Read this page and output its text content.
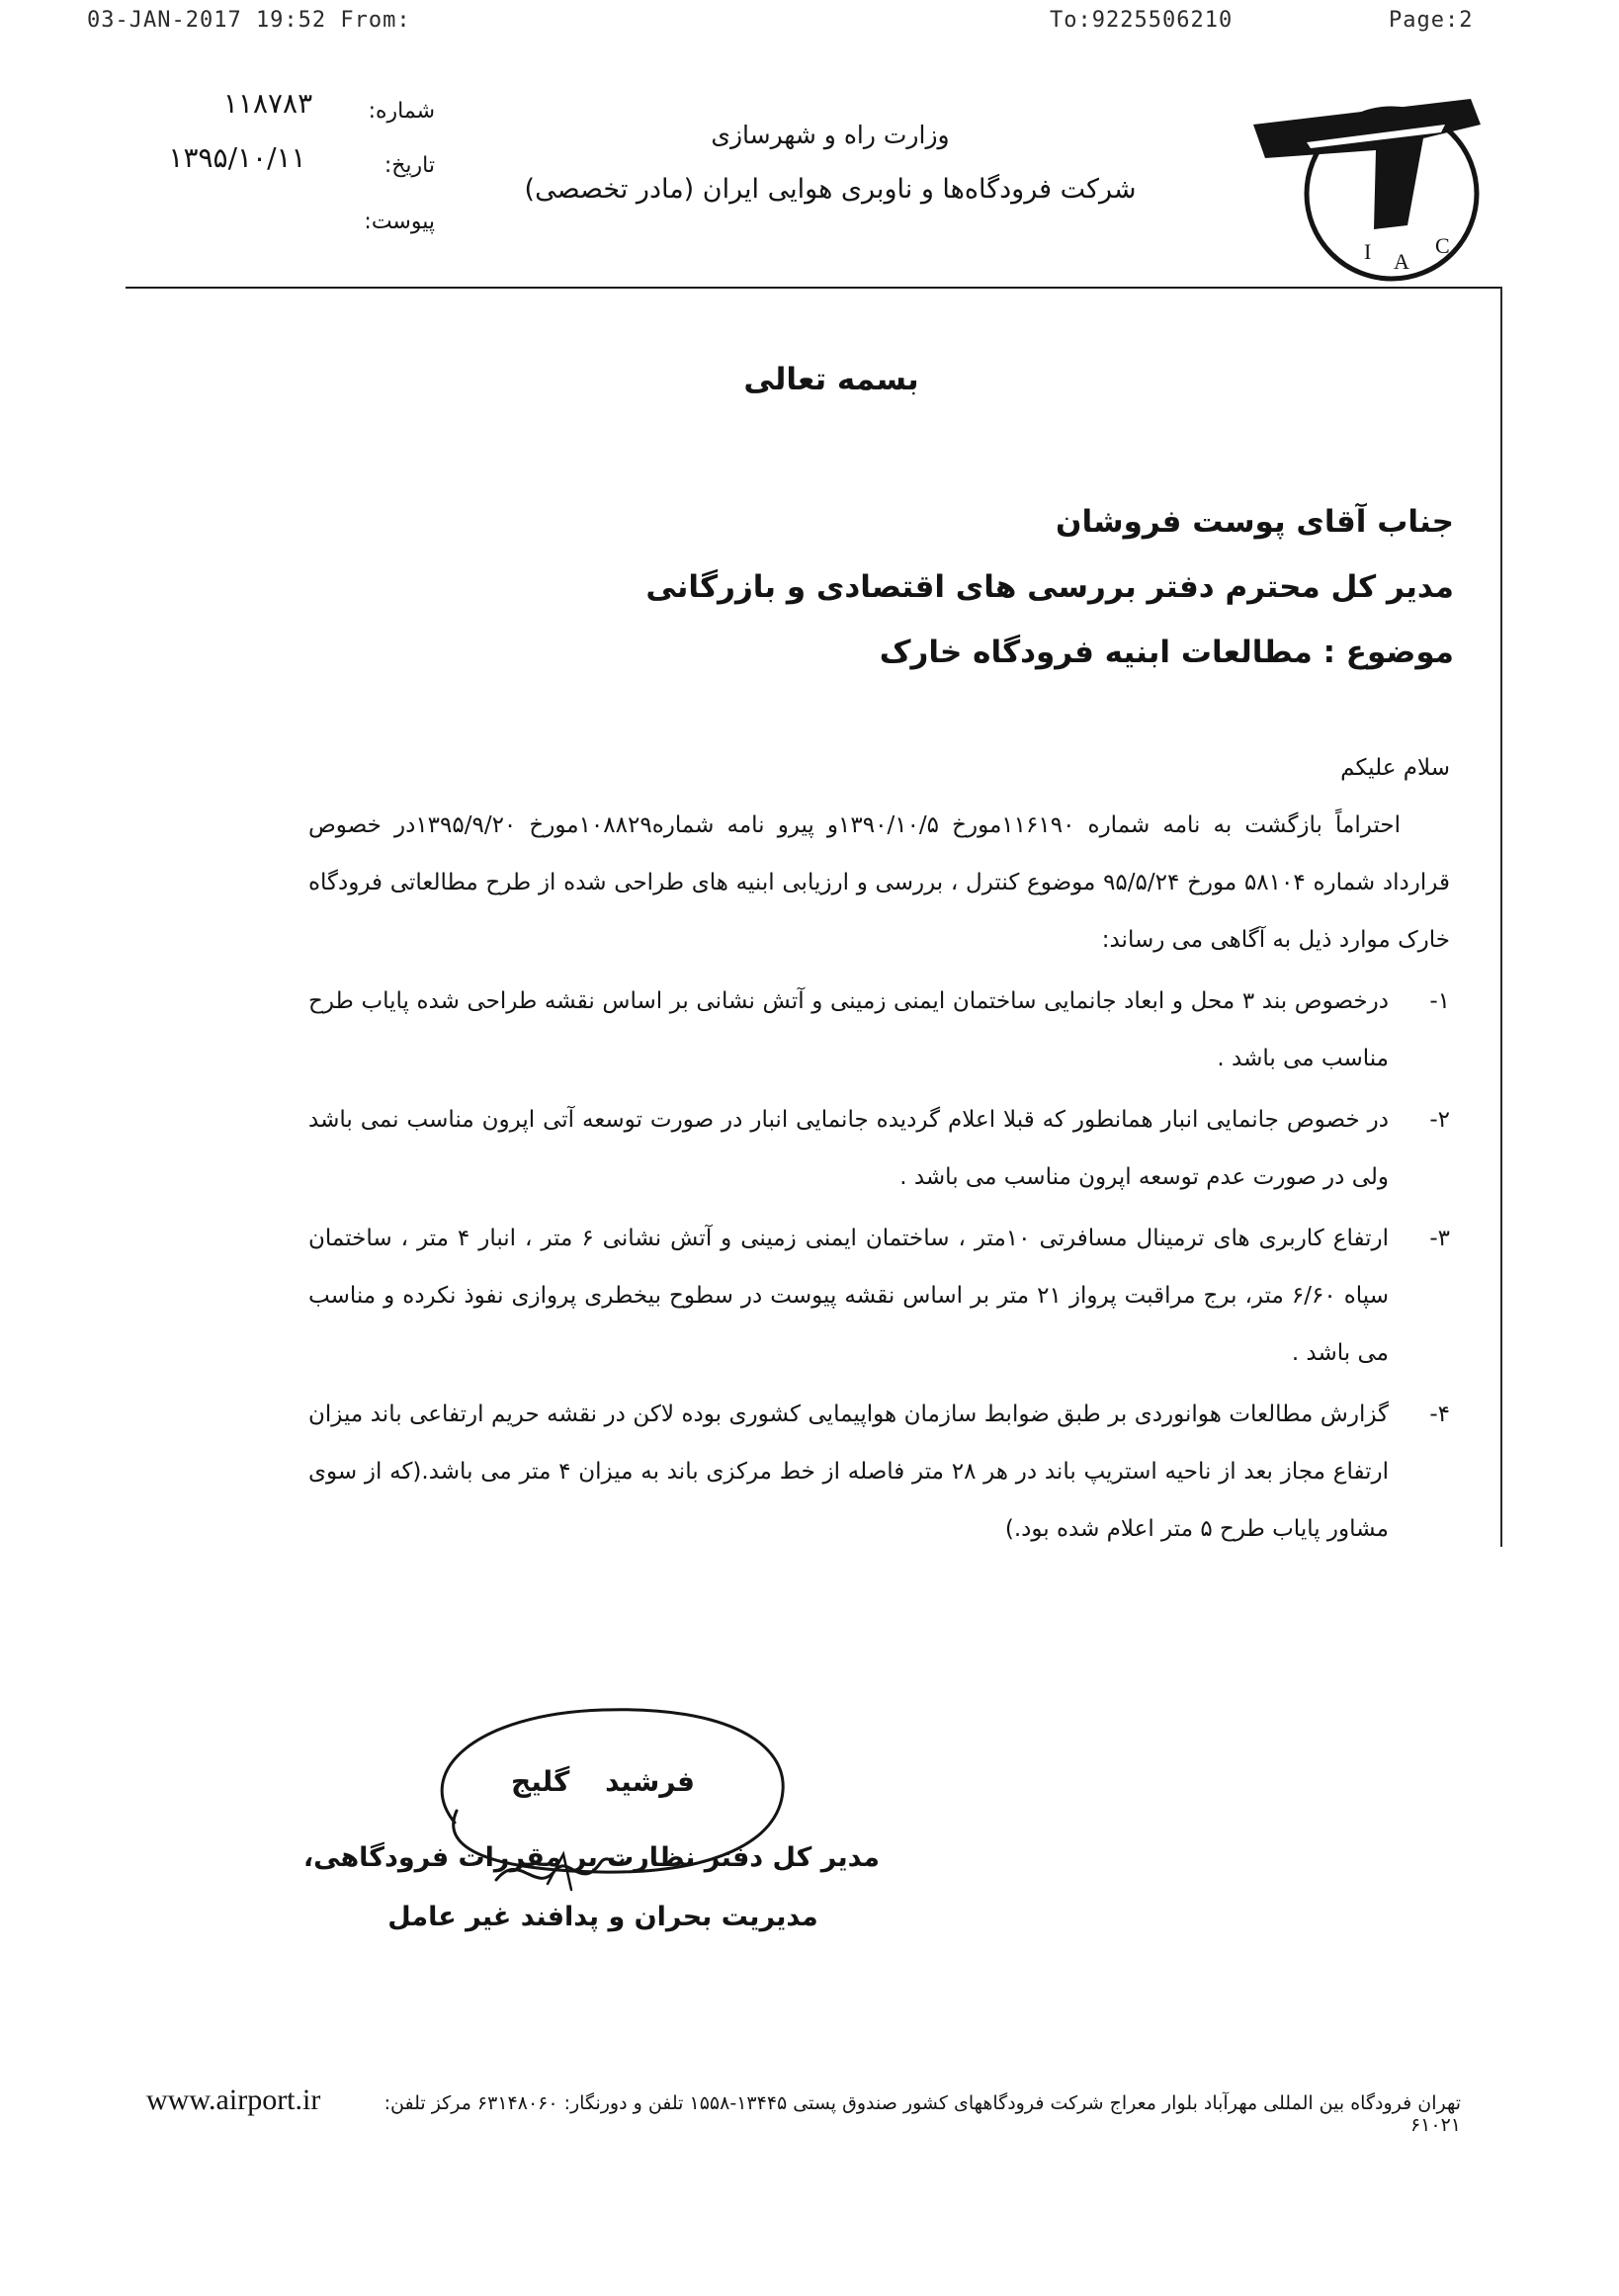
03-JAN-2017 19:52 From:	To:9225506210	Page:2
۱۱۸۷۸۳
۱۳۹۵/۱۰/۱۱
شماره:
تاریخ:
پیوست:
وزارت راه و شهرسازی
شرکت فرودگاه‌ها و ناوبری هوایی ایران (مادر تخصصی)
I A
C
بسمه تعالی
جناب آقای پوست فروشان
مدیر کل محترم دفتر بررسی های اقتصادی و بازرگانی
موضوع : مطالعات ابنیه فرودگاه خارک
سلام علیکم
احتراماً بازگشت به نامه شماره ۱۱۶۱۹۰مورخ ۱۳۹۰/۱۰/۵و پیرو نامه شماره۱۰۸۸۲۹مورخ ۱۳۹۵/۹/۲۰در خصوص قرارداد شماره ۵۸۱۰۴ مورخ ۹۵/۵/۲۴ موضوع کنترل ، بررسی و ارزیابی ابنیه های طراحی شده از طرح مطالعاتی فرودگاه خارک موارد ذیل به آگاهی می رساند:
۱-
درخصوص بند ۳ محل و ابعاد جانمایی ساختمان ایمنی زمینی و آتش نشانی بر اساس نقشه طراحی شده پایاب طرح مناسب می باشد .
۲-
در خصوص جانمایی انبار همانطور که قبلا اعلام گردیده جانمایی انبار در صورت توسعه آتی اپرون مناسب نمی باشد ولی در صورت عدم توسعه اپرون مناسب می باشد .
۳-
ارتفاع کاربری های ترمینال مسافرتی ۱۰متر ، ساختمان ایمنی زمینی و آتش نشانی ۶ متر ، انبار ۴ متر ، ساختمان سپاه ۶/۶۰ متر، برج مراقبت پرواز ۲۱ متر بر اساس نقشه پیوست در سطوح بیخطری پروازی نفوذ نکرده و مناسب می باشد .
۴-
گزارش مطالعات هوانوردی بر طبق ضوابط سازمان هواپیمایی کشوری بوده لاکن در نقشه حریم ارتفاعی باند میزان ارتفاع مجاز بعد از ناحیه استریپ باند در هر ۲۸ متر فاصله از خط مرکزی باند به میزان ۴ متر می باشد.(که از سوی مشاور پایاب طرح ۵ متر اعلام شده بود.)
فرشید گلیج
مدیر کل دفتر نظارت بر مقررات فرودگاهی،
مدیریت بحران و پدافند غیر عامل
تهران فرودگاه بین المللی مهرآباد بلوار معراج شرکت فرودگاههای کشور صندوق پستی ۱۳۴۴۵-۱۵۵۸ تلفن و دورنگار: ۶۳۱۴۸۰۶۰ مرکز تلفن: ۶۱۰۲۱
www.airport.ir
